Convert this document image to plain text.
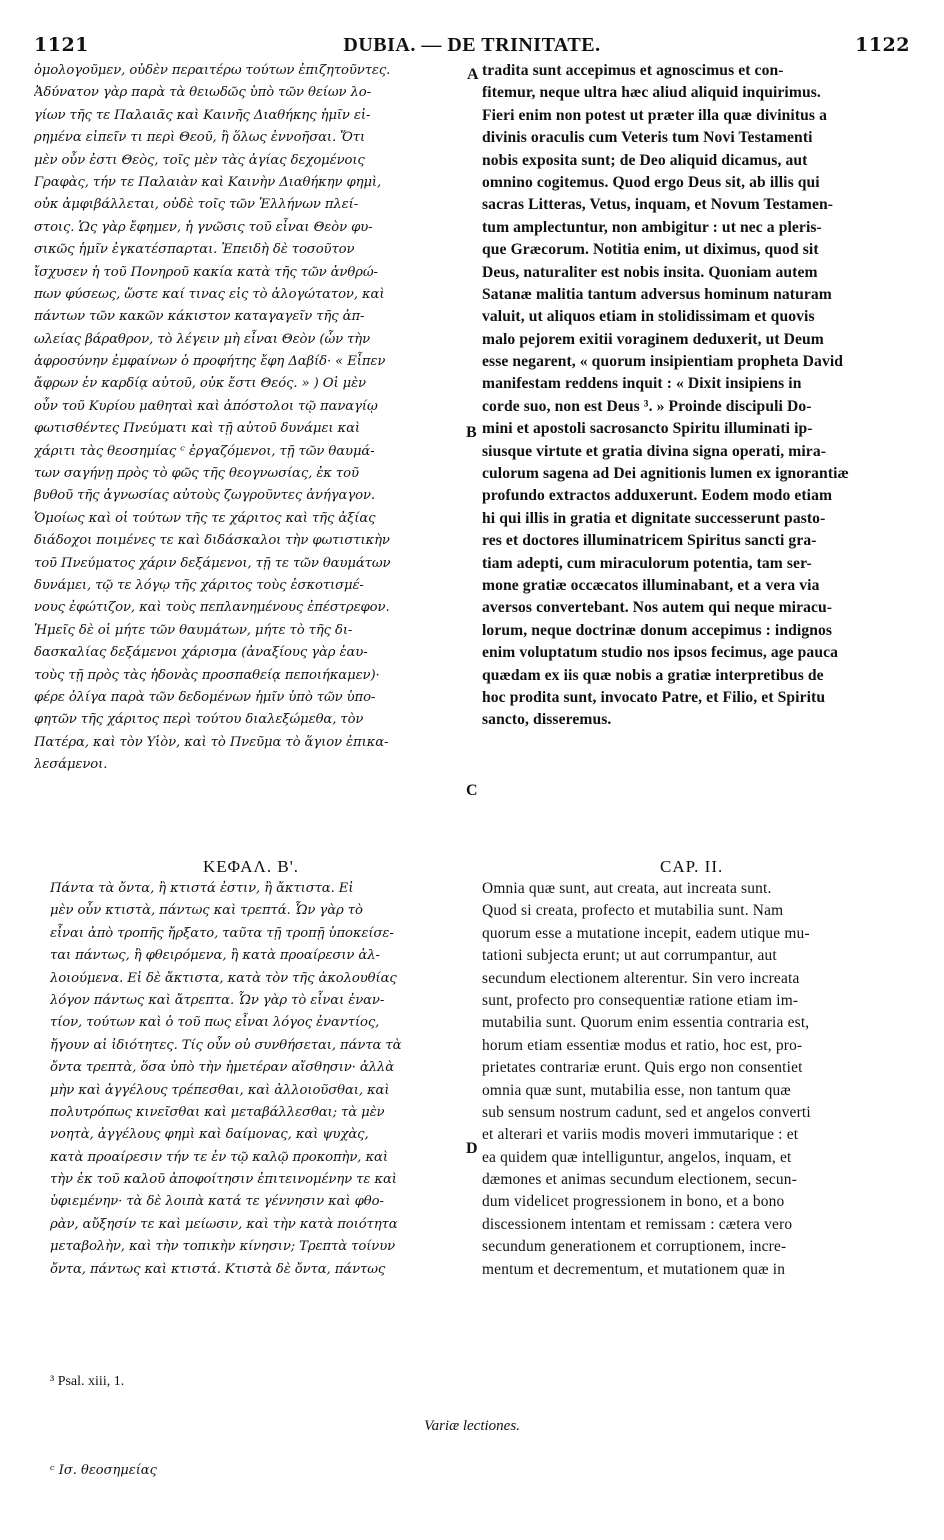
DUBIA. — DE TRINITATE.
1121	1122
ὁμολογοῦμεν, οὐδὲν περαιτέρω τούτων ἐπιζητοῦντες.
Ἀδύνατον γὰρ παρὰ τὰ θειωδῶς ὑπὸ τῶν θείων λο-
γίων τῆς τε Παλαιᾶς καὶ Καινῆς Διαθήκης ἡμῖν εἰ-
ρημένα εἰπεῖν τι περὶ Θεοῦ, ἢ ὅλως ἐννοῆσαι. Ὅτι
μὲν οὖν ἐστι Θεὸς, τοῖς μὲν τὰς ἁγίας δεχομένοις
Γραφὰς, τήν τε Παλαιὰν καὶ Καινὴν Διαθήκην φημὶ,
οὐκ ἀμφιβάλλεται, οὐδὲ τοῖς τῶν Ἑλλήνων πλεί-
στοις. Ὡς γὰρ ἔφημεν, ἡ γνῶσις τοῦ εἶναι Θεὸν φυ-
σικῶς ἡμῖν ἐγκατέσπαρται. Ἐπειδὴ δὲ τοσοῦτον
ἴσχυσεν ἡ τοῦ Πονηροῦ κακία κατὰ τῆς τῶν ἀνθρώ-
πων φύσεως, ὥστε καί τινας εἰς τὸ ἀλογώτατον, καὶ
πάντων τῶν κακῶν κάκιστον καταγαγεῖν τῆς ἀπ-
ωλείας βάραθρον, τὸ λέγειν μὴ εἶναι Θεὸν (ὧν τὴν
ἀφροσύνην ἐμφαίνων ὁ προφήτης ἔφη Δαβίδ· « Εἶπεν
ἄφρων ἐν καρδίᾳ αὐτοῦ, οὐκ ἔστι Θεός. » ) Οἱ μὲν
οὖν τοῦ Κυρίου μαθηταὶ καὶ ἀπόστολοι τῷ παναγίῳ
φωτισθέντες Πνεύματι καὶ τῇ αὐτοῦ δυνάμει καὶ
χάριτι τὰς θεοσημίας ᶜ ἐργαζόμενοι, τῇ τῶν θαυμά-
των σαγήνῃ πρὸς τὸ φῶς τῆς θεογνωσίας, ἐκ τοῦ
βυθοῦ τῆς ἀγνωσίας αὐτοὺς ζωγροῦντες ἀνήγαγον.
Ὁμοίως καὶ οἱ τούτων τῆς τε χάριτος καὶ τῆς ἀξίας
διάδοχοι ποιμένες τε καὶ διδάσκαλοι τὴν φωτιστικὴν
τοῦ Πνεύματος χάριν δεξάμενοι, τῇ τε τῶν θαυμάτων
δυνάμει, τῷ τε λόγῳ τῆς χάριτος τοὺς ἐσκοτισμέ-
νους ἐφώτιζον, καὶ τοὺς πεπλανημένους ἐπέστρεφον.
Ἡμεῖς δὲ οἱ μήτε τῶν θαυμάτων, μήτε τὸ τῆς δι-
δασκαλίας δεξάμενοι χάρισμα (ἀναξίους γὰρ ἑαυ-
τοὺς τῇ πρὸς τὰς ἡδονὰς προσπαθείᾳ πεποιήκαμεν)·
φέρε ὀλίγα παρὰ τῶν δεδομένων ἡμῖν ὑπὸ τῶν ὑπο-
φητῶν τῆς χάριτος περὶ τούτου διαλεξώμεθα, τὸν
Πατέρα, καὶ τὸν Υἱὸν, καὶ τὸ Πνεῦμα τὸ ἅγιον ἐπικα-
λεσάμενοι.
tradita sunt accepimus et agnoscimus et con-
fitemur, neque ultra hæc aliud aliquid inquirimus.
Fieri enim non potest ut præter illa quæ divinitus a
divinis oraculis cum Veteris tum Novi Testamenti
nobis exposita sunt; de Deo aliquid dicamus, aut
omnino cogitemus. Quod ergo Deus sit, ab illis qui
sacras Litteras, Vetus, inquam, et Novum Testamen-
tum amplectuntur, non ambigitur : ut nec a pleris-
que Græcorum. Notitia enim, ut diximus, quod sit
Deus, naturaliter est nobis insita. Quoniam autem
Satanæ malitia tantum adversus hominum naturam
valuit, ut aliquos etiam in stolidissimam et quovis
malo pejorem exitii voraginem deduxerit, ut Deum
esse negarent, « quorum insipientiam propheta David
manifestam reddens inquit : « Dixit insipiens in
corde suo, non est Deus ³. » Proinde discipuli Do-
mini et apostoli sacrosancto Spiritu illuminati ip-
siusque virtute et gratia divina signa operati, mira-
culorum sagena ad Dei agnitionis lumen ex ignorantiæ
profundo extractos adduxerunt. Eodem modo etiam
hi qui illis in gratia et dignitate successerunt pasto-
res et doctores illuminatricem Spiritus sancti gra-
tiam adepti, cum miraculorum potentia, tam ser-
mone gratiæ occæcatos illuminabant, et a vera via
aversos convertebant. Nos autem qui neque miracu-
lorum, neque doctrinæ donum accepimus : indignos
enim voluptatum studio nos ipsos fecimus, age pauca
quædam ex iis quæ nobis a gratiæ interpretibus de
hoc prodita sunt, invocato Patre, et Filio, et Spiritu
sancto, disseremus.
A
B
C
ΚΕΦΑΛ. Β'.	CAP. II.
Πάντα τὰ ὄντα, ἢ κτιστά ἐστιν, ἢ ἄκτιστα. Εἰ
μὲν οὖν κτιστὰ, πάντως καὶ τρεπτά. Ὧν γὰρ τὸ
εἶναι ἀπὸ τροπῆς ἤρξατο, ταῦτα τῇ τροπῇ ὑποκείσε-
ται πάντως, ἢ φθειρόμενα, ἢ κατὰ προαίρεσιν ἀλ-
λοιούμενα. Εἰ δὲ ἄκτιστα, κατὰ τὸν τῆς ἀκολουθίας
λόγον πάντως καὶ ἄτρεπτα. Ὧν γὰρ τὸ εἶναι ἐναν-
τίον, τούτων καὶ ὁ τοῦ πως εἶναι λόγος ἐναντίος,
ἤγουν αἱ ἰδιότητες. Τίς οὖν οὐ συνθήσεται, πάντα τὰ
ὄντα τρεπτὰ, ὅσα ὑπὸ τὴν ἡμετέραν αἴσθησιν· ἀλλὰ
μὴν καὶ ἀγγέλους τρέπεσθαι, καὶ ἀλλοιοῦσθαι, καὶ
πολυτρόπως κινεῖσθαι καὶ μεταβάλλεσθαι; τὰ μὲν
νοητὰ, ἀγγέλους φημὶ καὶ δαίμονας, καὶ ψυχὰς,
κατὰ προαίρεσιν τήν τε ἐν τῷ καλῷ προκοπὴν, καὶ
τὴν ἐκ τοῦ καλοῦ ἀποφοίτησιν ἐπιτεινομένην τε καὶ
ὑφιεμένην· τὰ δὲ λοιπὰ κατά τε γέννησιν καὶ φθο-
ρὰν, αὔξησίν τε καὶ μείωσιν, καὶ τὴν κατὰ ποιότητα
μεταβολὴν, καὶ τὴν τοπικὴν κίνησιν; Τρεπτὰ τοίνυν
ὄντα, πάντως καὶ κτιστά. Κτιστὰ δὲ ὄντα, πάντως
Omnia quæ sunt, aut creata, aut increata sunt.
Quod si creata, profecto et mutabilia sunt. Nam
quorum esse a mutatione incepit, eadem utique mu-
tationi subjecta erunt; ut aut corrumpantur, aut
secundum electionem alterentur. Sin vero increata
sunt, profecto pro consequentiæ ratione etiam im-
mutabilia sunt. Quorum enim essentia contraria est,
horum etiam essentiæ modus et ratio, hoc est, pro-
prietates contrariæ erunt. Quis ergo non consentiet
omnia quæ sunt, mutabilia esse, non tantum quæ
sub sensum nostrum cadunt, sed et angelos converti
et alterari et variis modis moveri immutarique : et
ea quidem quæ intelliguntur, angelos, inquam, et
dæmones et animas secundum electionem, secun-
dum videlicet progressionem in bono, et a bono
discessionem intentam et remissam : cætera vero
secundum generationem et corruptionem, incre-
mentum et decrementum, et mutationem quæ in
D
³ Psal. xiii, 1.
Variæ lectiones.
ᶜ Ισ. θεοσημείας
